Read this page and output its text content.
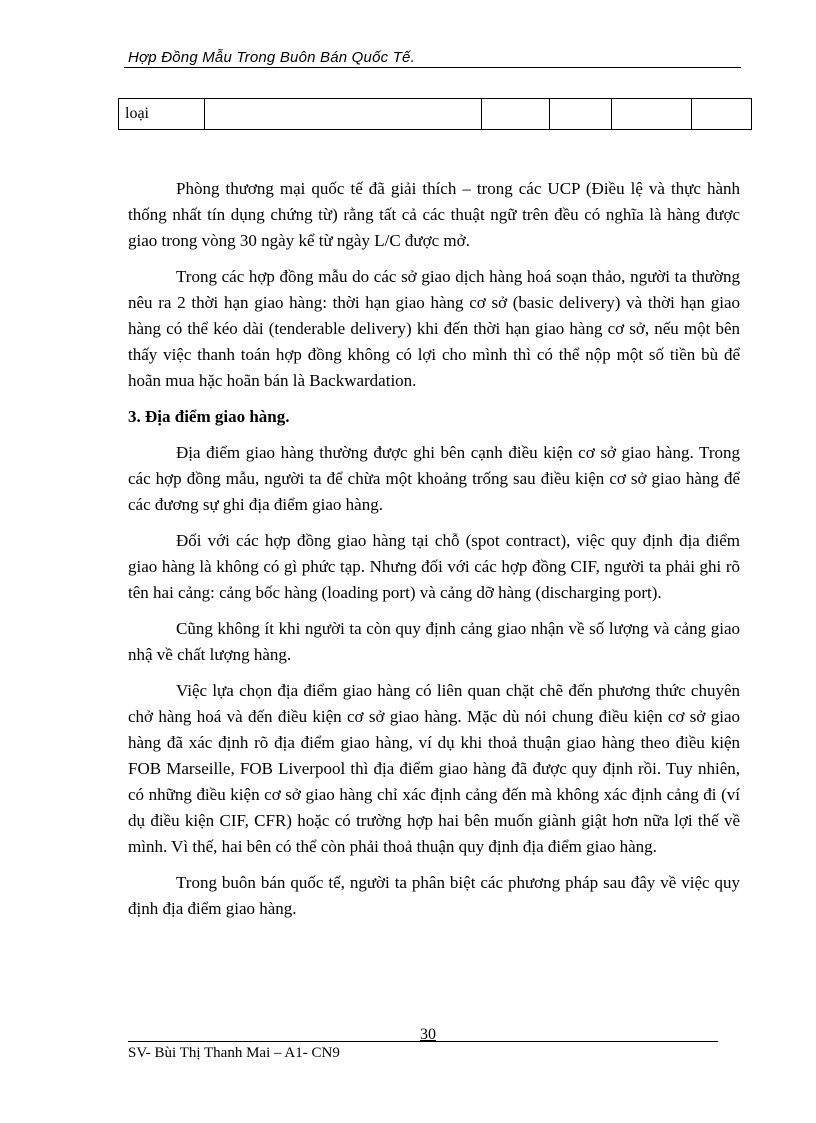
Hợp Đồng Mẫu Trong Buôn Bán Quốc Tế.
loại					

Phòng thương mại quốc tế đã giải thích – trong các UCP (Điều lệ và thực hành thống nhất tín dụng chứng từ) rằng tất cả các thuật ngữ trên đều có nghĩa là hàng được giao trong vòng 30 ngày kể từ ngày L/C được mở.

Trong các hợp đồng mẫu do các sở giao dịch hàng hoá soạn thảo, người ta thường nêu ra 2 thời hạn giao hàng: thời hạn giao hàng cơ sở (basic delivery) và thời hạn giao hàng có thể kéo dài (tenderable delivery) khi đến thời hạn giao hàng cơ sở, nếu một bên thấy việc thanh toán hợp đồng không có lợi cho mình thì có thể nộp một số tiền bù để hoãn mua hặc hoãn bán là Backwardation.

3. Địa điểm giao hàng.

Địa điểm giao hàng thường được ghi bên cạnh điều kiện cơ sở giao hàng. Trong các hợp đồng mẫu, người ta để chừa một khoảng trống sau điều kiện cơ sở giao hàng để các đương sự ghi địa điểm giao hàng.

Đối với các hợp đồng giao hàng tại chỗ (spot contract), việc quy định địa điểm giao hàng là không có gì phức tạp. Nhưng đối với các hợp đồng CIF, người ta phải ghi rõ tên hai cảng: cảng bốc hàng (loading port) và cảng dỡ hàng (discharging port).

Cũng không ít khi người ta còn quy định cảng giao nhận về số lượng và cảng giao nhậ về chất lượng hàng.

Việc lựa chọn địa điểm giao hàng có liên quan chặt chẽ đến phương thức chuyên chở hàng hoá và đến điều kiện cơ sở giao hàng. Mặc dù nói chung điều kiện cơ sở giao hàng đã xác định rõ địa điểm giao hàng, ví dụ khi thoả thuận giao hàng theo điều kiện FOB Marseille, FOB Liverpool thì địa điểm giao hàng đã được quy định rồi. Tuy nhiên, có những điều kiện cơ sở giao hàng chỉ xác định cảng đến mà không xác định cảng đi (ví dụ điều kiện CIF, CFR) hoặc có trường hợp hai bên muốn giành giật hơn nữa lợi thế về mình. Vì thế, hai bên có thể còn phải thoả thuận quy định địa điểm giao hàng.

Trong buôn bán quốc tế, người ta phân biệt các phương pháp sau đây về việc quy định địa điểm giao hàng.

30
SV- Bùi Thị Thanh Mai – A1- CN9
